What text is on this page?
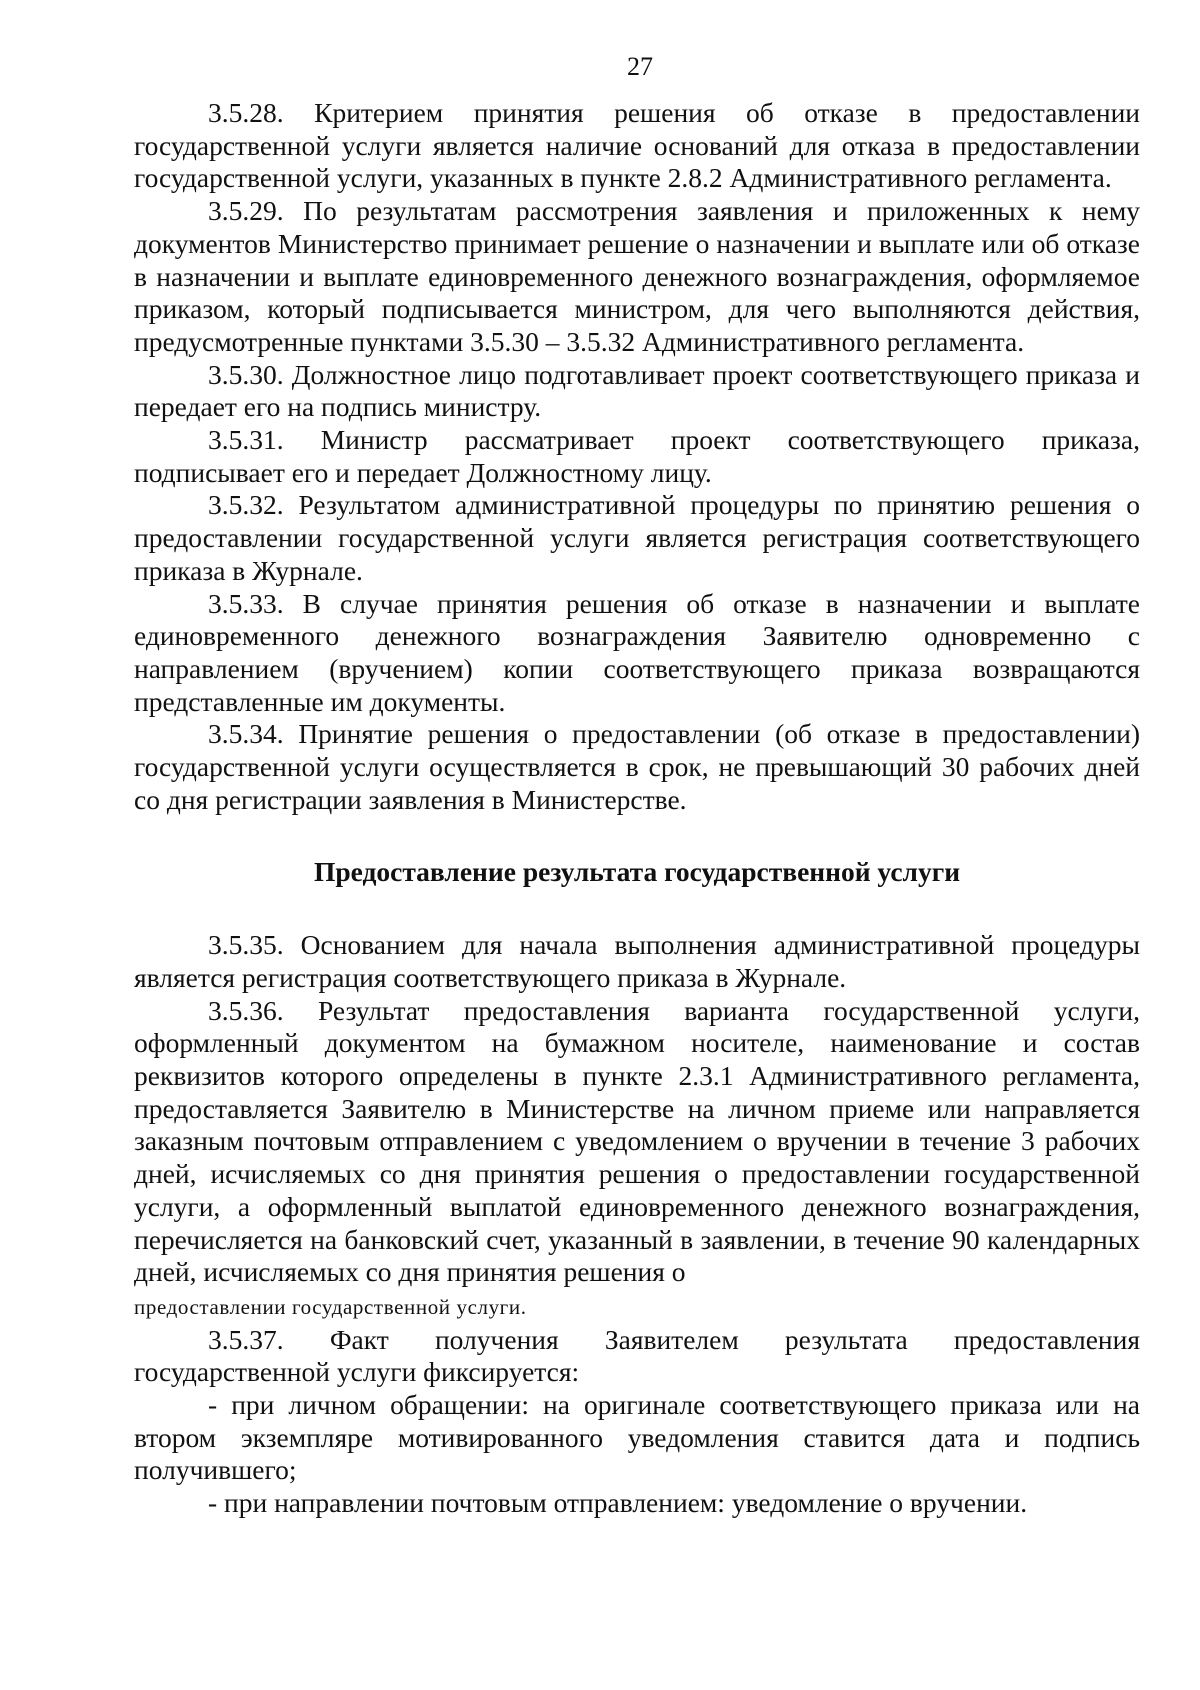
27

3.5.28. Критерием принятия решения об отказе в предоставлении государственной услуги является наличие оснований для отказа в предоставлении государственной услуги, указанных в пункте 2.8.2 Административного регламента.

3.5.29. По результатам рассмотрения заявления и приложенных к нему документов Министерство принимает решение о назначении и выплате или об отказе в назначении и выплате единовременного денежного вознаграждения, оформляемое приказом, который подписывается министром, для чего выполняются действия, предусмотренные пунктами 3.5.30 – 3.5.32 Административного регламента.

3.5.30. Должностное лицо подготавливает проект соответствующего приказа и передает его на подпись министру.

3.5.31. Министр рассматривает проект соответствующего приказа, подписывает его и передает Должностному лицу.

3.5.32. Результатом административной процедуры по принятию решения о предоставлении государственной услуги является регистрация соответствующего приказа в Журнале.

3.5.33. В случае принятия решения об отказе в назначении и выплате единовременного денежного вознаграждения Заявителю одновременно с направлением (вручением) копии соответствующего приказа возвращаются представленные им документы.

3.5.34. Принятие решения о предоставлении (об отказе в предоставлении) государственной услуги осуществляется в срок, не превышающий 30 рабочих дней со дня регистрации заявления в Министерстве.

Предоставление результата государственной услуги

3.5.35. Основанием для начала выполнения административной процедуры является регистрация соответствующего приказа в Журнале.

3.5.36. Результат предоставления варианта государственной услуги, оформленный документом на бумажном носителе, наименование и состав реквизитов которого определены в пункте 2.3.1 Административного регламента, предоставляется Заявителю в Министерстве на личном приеме или направляется заказным почтовым отправлением с уведомлением о вручении в течение 3 рабочих дней, исчисляемых со дня принятия решения о предоставлении государственной услуги, а оформленный выплатой единовременного денежного вознаграждения, перечисляется на банковский счет, указанный в заявлении, в течение 90 календарных дней, исчисляемых со дня принятия решения о
предоставлении государственной услуги.

3.5.37. Факт получения Заявителем результата предоставления государственной услуги фиксируется:

- при личном обращении: на оригинале соответствующего приказа или на втором экземпляре мотивированного уведомления ставится дата и подпись получившего;

- при направлении почтовым отправлением: уведомление о вручении.
